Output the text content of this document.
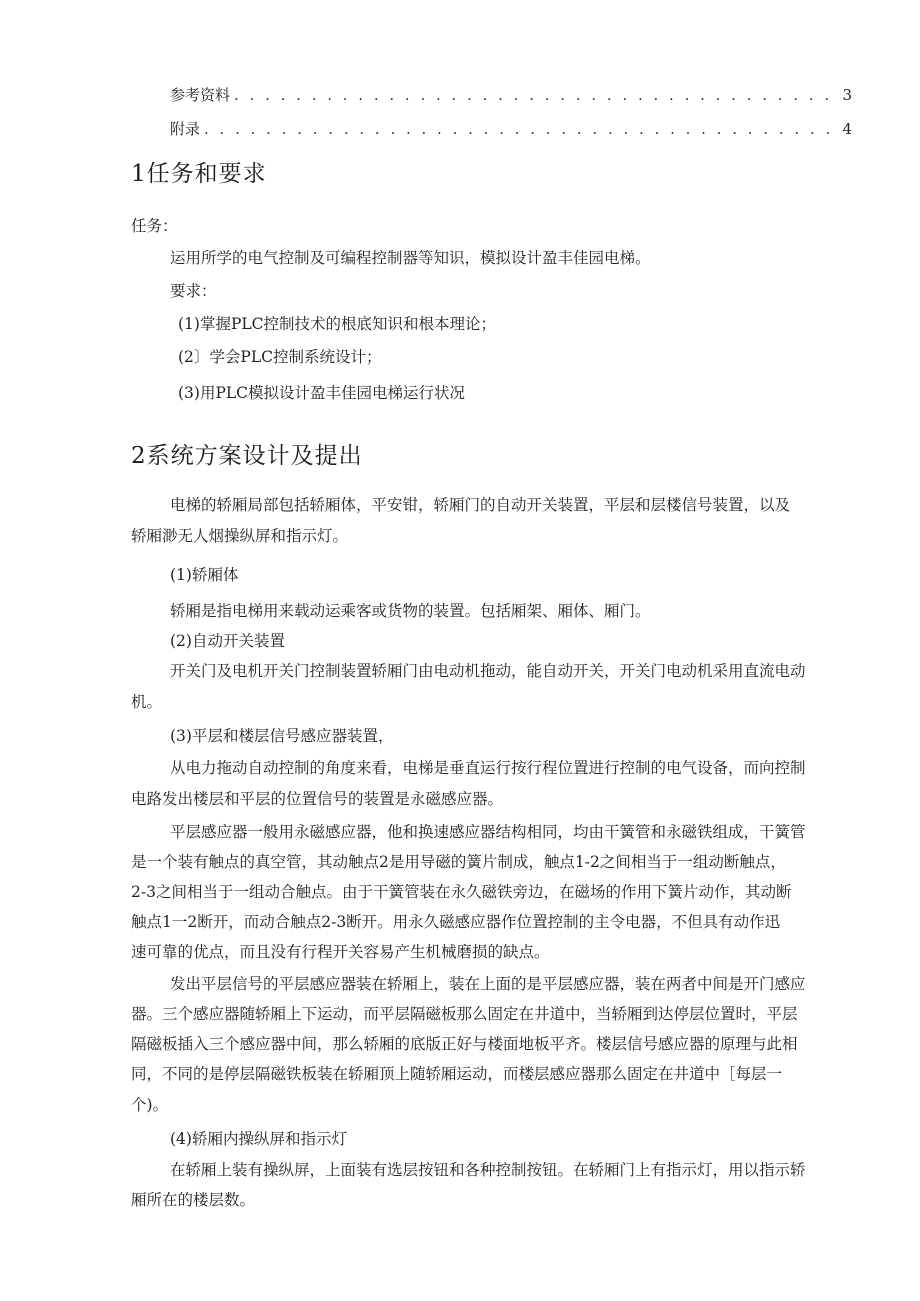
参考资料 . . .	3
附录 . . .	4
1任务和要求
任务：
运用所学的电气控制及可编程控制器等知识，模拟设计盈丰佳园电梯。
要求：
(1)掌握PLC控制技术的根底知识和根本理论；
(2〕学会PLC控制系统设计；
(3)用PLC模拟设计盈丰佳园电梯运行状况
2系统方案设计及提出
电梯的轿厢局部包括轿厢体，平安钳，轿厢门的自动开关装置，平层和层楼信号装置，以及
轿厢渺无人烟操纵屏和指示灯。
(1)轿厢体
轿厢是指电梯用来载动运乘客或货物的装置。包括厢架、厢体、厢门。
(2)自动开关装置
开关门及电机开关门控制装置轿厢门由电动机拖动，能自动开关，开关门电动机采用直流电动
机。
(3)平层和楼层信号感应器装置，
从电力拖动自动控制的角度来看，电梯是垂直运行按行程位置进行控制的电气设备，而向控制
电路发出楼层和平层的位置信号的装置是永磁感应器。
平层感应器一般用永磁感应器，他和换速感应器结构相同，均由干簧管和永磁铁组成，干簧管
是一个装有触点的真空管，其动触点2是用导磁的簧片制成，触点1-2之间相当于一组动断触点，
2-3之间相当于一组动合触点。由于干簧管装在永久磁铁旁边，在磁场的作用下簧片动作，其动断
触点1一2断开，而动合触点2-3断开。用永久磁感应器作位置控制的主令电器，不但具有动作迅
速可靠的优点，而且没有行程开关容易产生机械磨损的缺点。
发出平层信号的平层感应器装在轿厢上，装在上面的是平层感应器，装在两者中间是开门感应
器。三个感应器随轿厢上下运动，而平层隔磁板那么固定在井道中，当轿厢到达停层位置时，平层
隔磁板插入三个感应器中间，那么轿厢的底版正好与楼面地板平齐。楼层信号感应器的原理与此相
同，不同的是停层隔磁铁板装在轿厢顶上随轿厢运动，而楼层感应器那么固定在井道中［每层一
个)。
(4)轿厢内操纵屏和指示灯
在轿厢上装有操纵屏，上面装有选层按钮和各种控制按钮。在轿厢门上有指示灯，用以指示轿
厢所在的楼层数。
